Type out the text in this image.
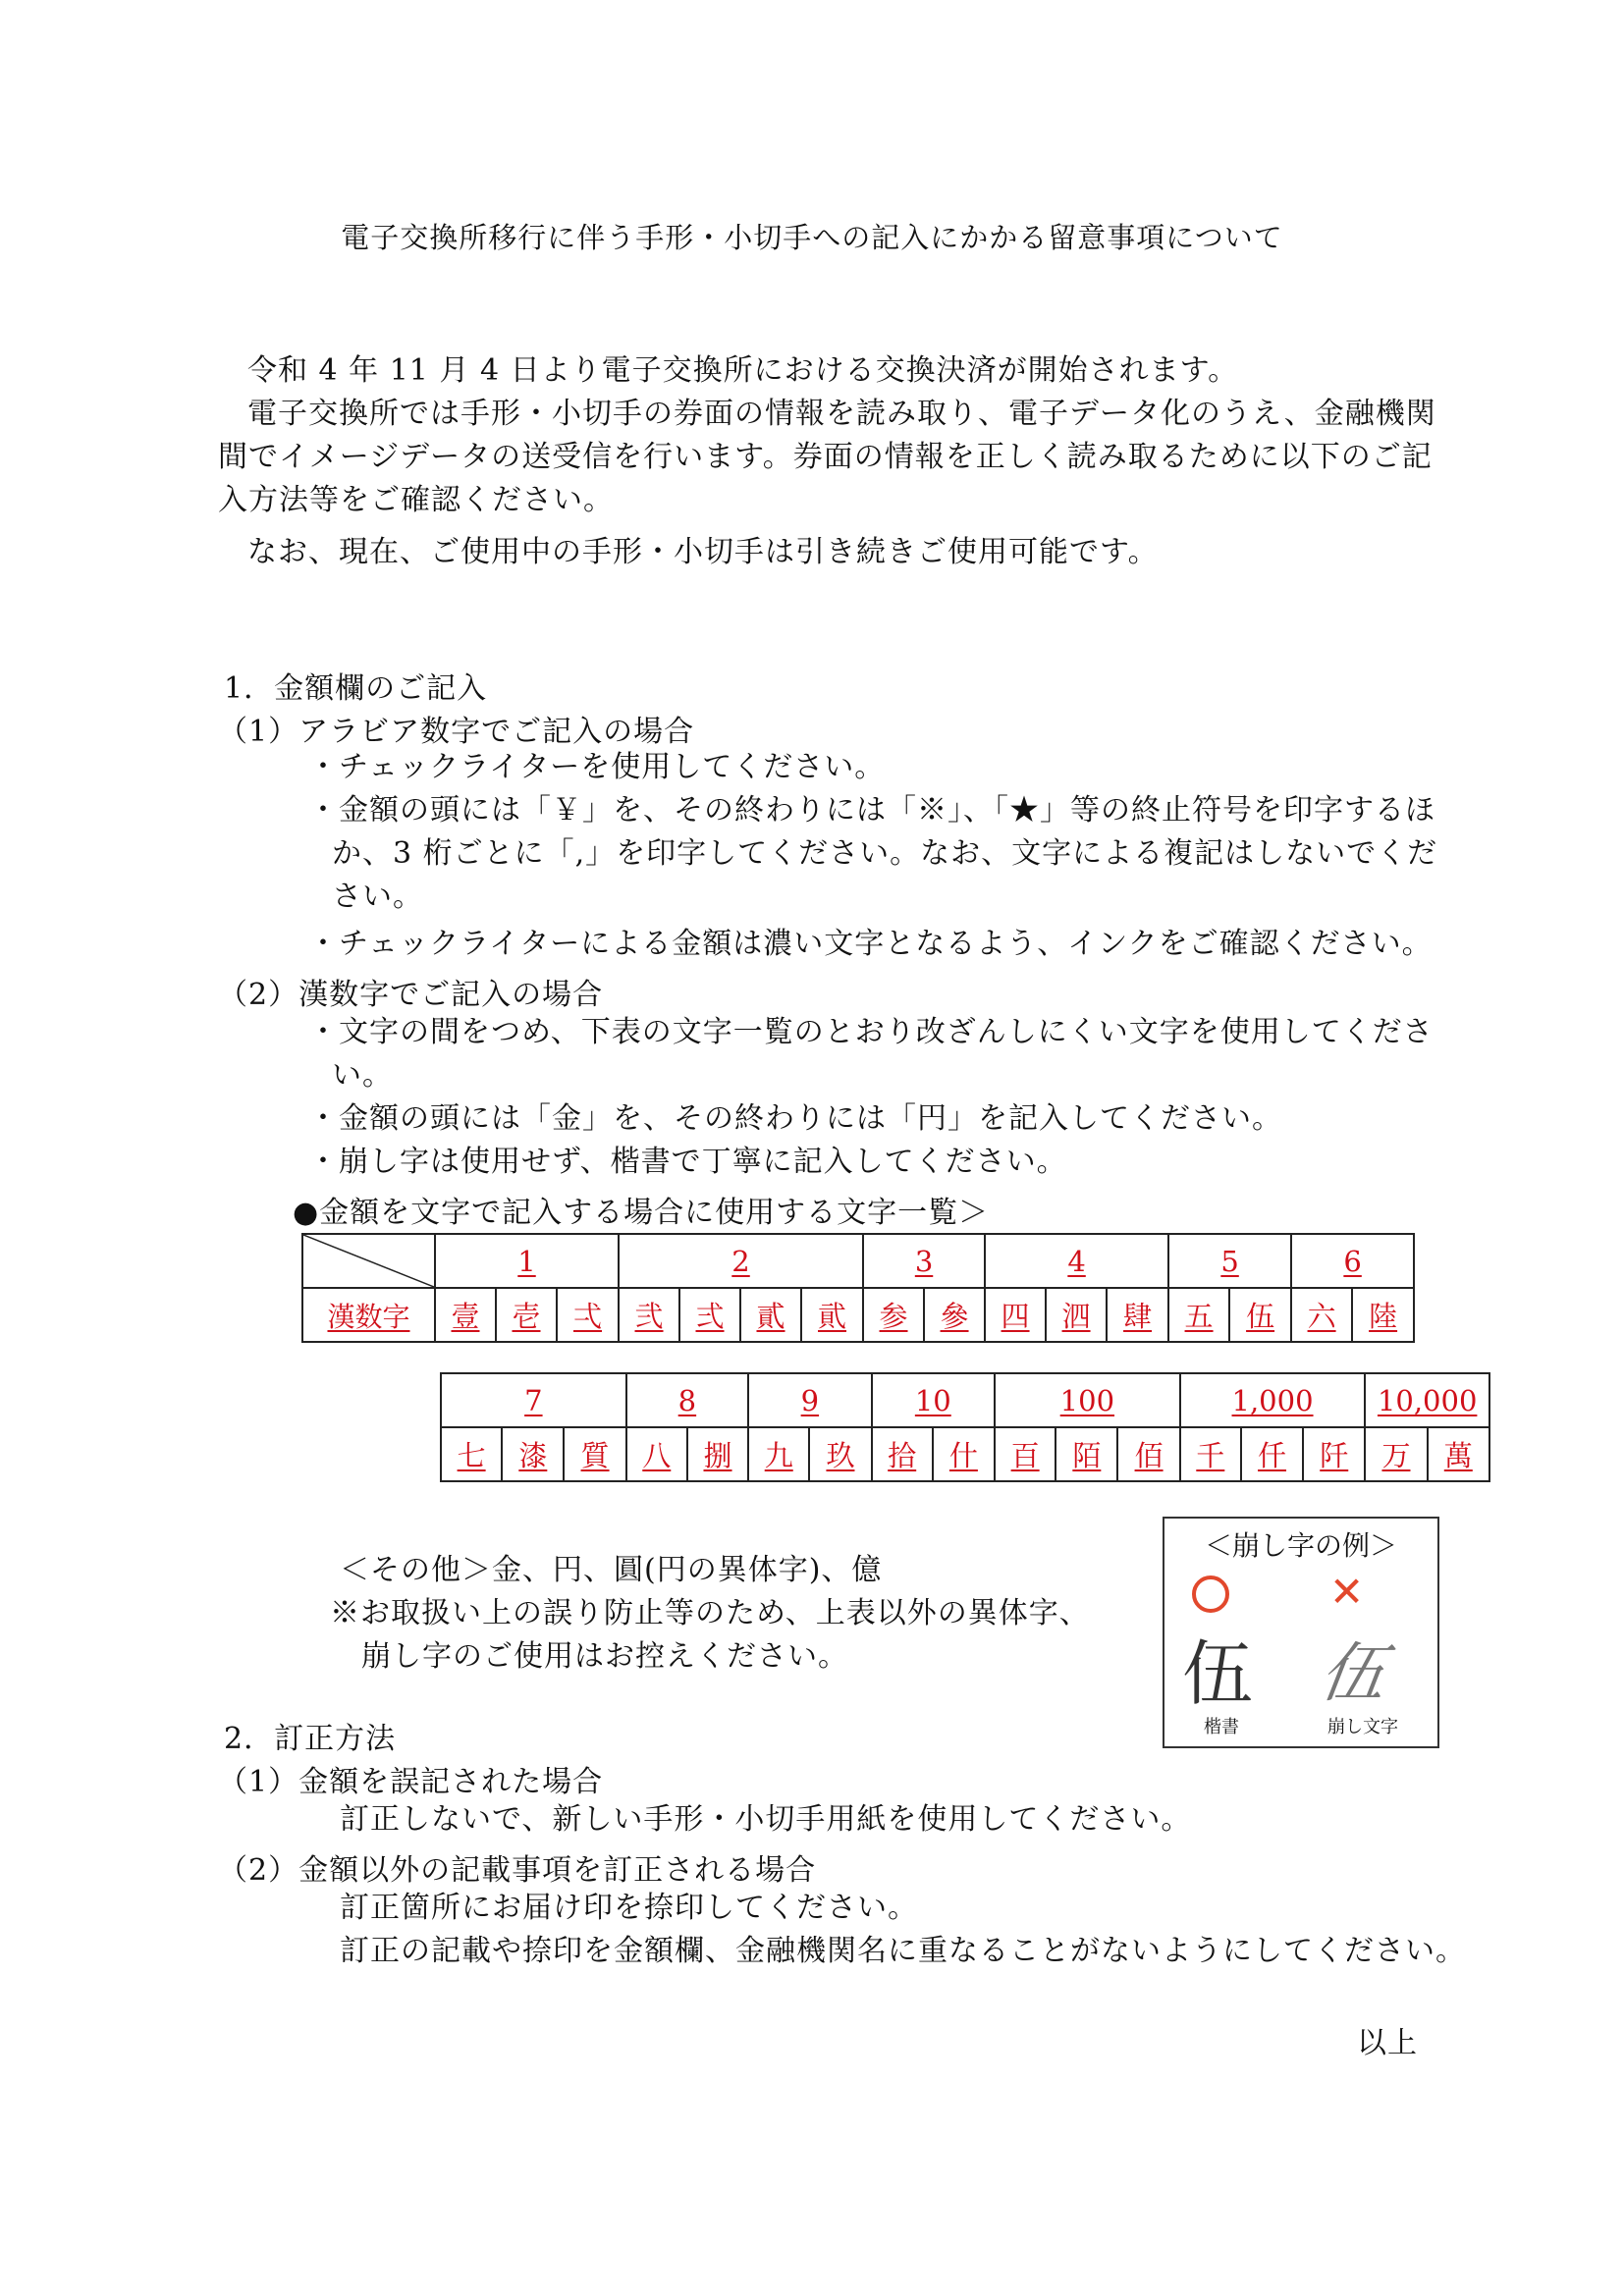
電子交換所移行に伴う手形・小切手への記入にかかる留意事項について
令和 4 年 11 月 4 日より電子交換所における交換決済が開始されます。
電子交換所では手形・小切手の券面の情報を読み取り、電子データ化のうえ、金融機関
間でイメージデータの送受信を行います。券面の情報を正しく読み取るために以下のご記
入方法等をご確認ください。
なお、現在、ご使用中の手形・小切手は引き続きご使用可能です。
1．金額欄のご記入
（1）アラビア数字でご記入の場合
・チェックライターを使用してください。
・金額の頭には「￥」を、その終わりには「※」、「★」等の終止符号を印字するほ
か、3 桁ごとに「,」を印字してください。なお、文字による複記はしないでくだ
さい。
・チェックライターによる金額は濃い文字となるよう、インクをご確認ください。
（2）漢数字でご記入の場合
・文字の間をつめ、下表の文字一覧のとおり改ざんしにくい文字を使用してくださ
い。
・金額の頭には「金」を、その終わりには「円」を記入してください。
・崩し字は使用せず、楷書で丁寧に記入してください。
●金額を文字で記入する場合に使用する文字一覧＞
	1			2				3		4			5		6	
漢数字	壹	壱	弌	弐	弍	貳	貮	参	參	四	泗	肆	五	伍	六	陸
7			8		9		10		100			1,000			10,000	
七	漆	質	八	捌	九	玖	拾	什	百	陌	佰	千	仟	阡	万	萬
＜その他＞金、円、圓(円の異体字)、億
※お取扱い上の誤り防止等のため、上表以外の異体字、
崩し字のご使用はお控えください。
＜崩し字の例＞
✕
伍 伍
楷書	崩し文字
2．訂正方法
（1）金額を誤記された場合
訂正しないで、新しい手形・小切手用紙を使用してください。
（2）金額以外の記載事項を訂正される場合
訂正箇所にお届け印を捺印してください。
訂正の記載や捺印を金額欄、金融機関名に重なることがないようにしてください。
以上
